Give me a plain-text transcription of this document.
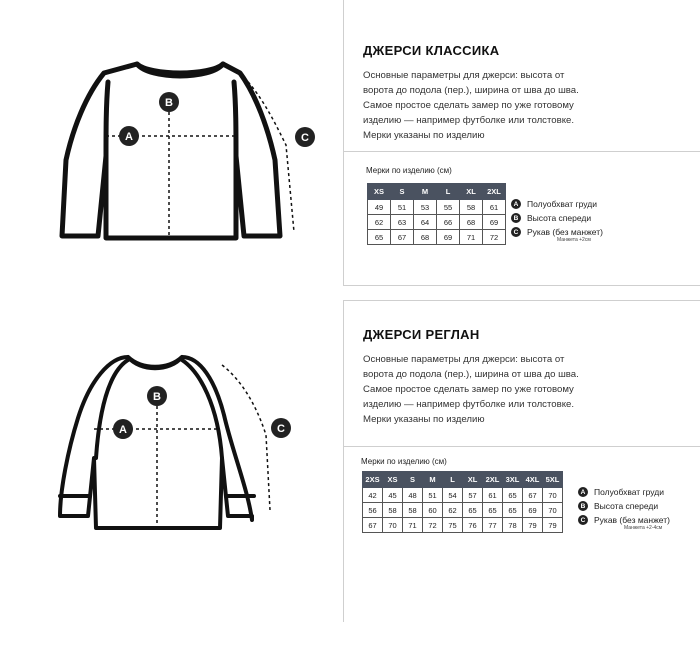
A
B
C
ДЖЕРСИ КЛАССИКА
Основные параметры для джерси: высота от
ворота до подола (пер.), ширина от шва до шва.
Самое простое сделать замер по уже готовому
изделию — например футболке или толстовке.
Мерки указаны по изделию
Мерки по изделию (см)
XS	S	M	L	XL	2XL
49	51	53	55	58	61
62	63	64	66	68	69
65	67	68	69	71	72
A	Полуобхват груди
B	Высота спереди
C	Рукав (без манжет)
Манжета +2см
A
B
C
ДЖЕРСИ РЕГЛАН
Основные параметры для джерси: высота от
ворота до подола (пер.), ширина от шва до шва.
Самое простое сделать замер по уже готовому
изделию — например футболке или толстовке.
Мерки указаны по изделию
Мерки по изделию (см)
2XS	XS	S	M	L	XL	2XL	3XL	4XL	5XL
42	45	48	51	54	57	61	65	67	70
56	58	58	60	62	65	65	65	69	70
67	70	71	72	75	76	77	78	79	79
A	Полуобхват груди
B	Высота спереди
C	Рукав (без манжет)
Манжета +2-4см
